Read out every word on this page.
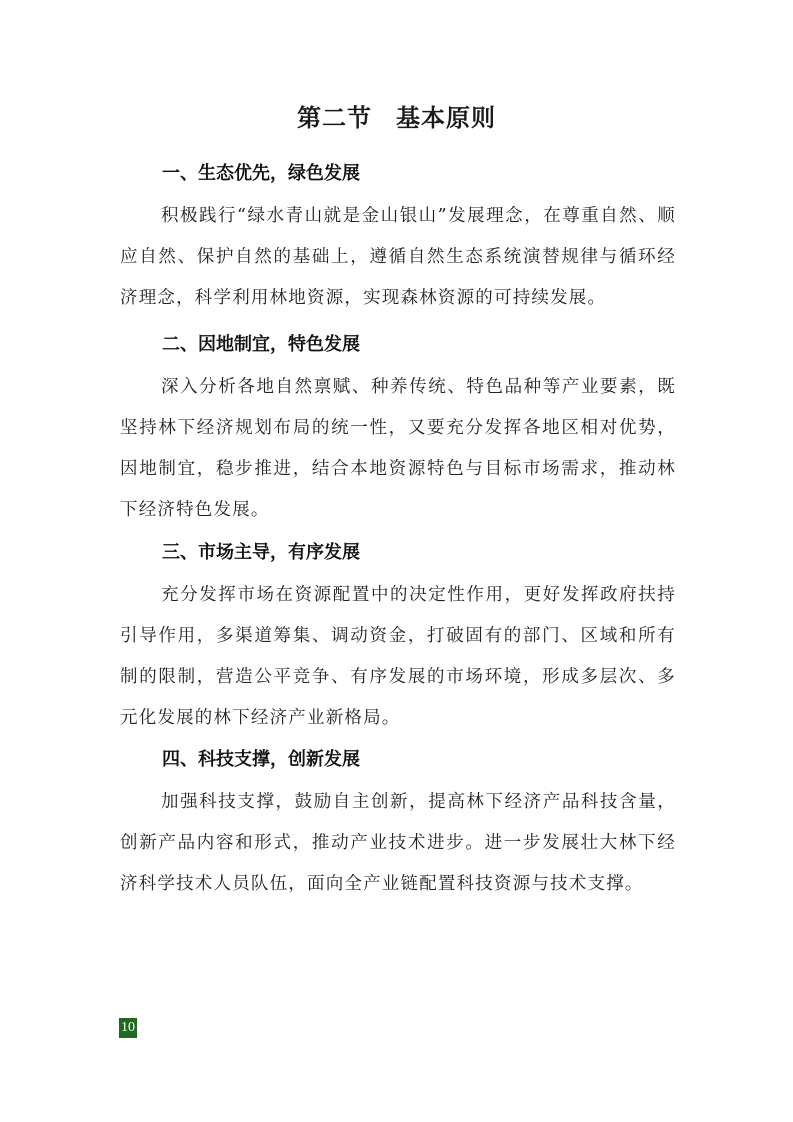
第二节 基本原则
一、生态优先，绿色发展

积极践行“绿水青山就是金山银山”发展理念，在尊重自然、顺应自然、保护自然的基础上，遵循自然生态系统演替规律与循环经济理念，科学利用林地资源，实现森林资源的可持续发展。

二、因地制宜，特色发展

深入分析各地自然禀赋、种养传统、特色品种等产业要素，既坚持林下经济规划布局的统一性，又要充分发挥各地区相对优势，因地制宜，稳步推进，结合本地资源特色与目标市场需求，推动林下经济特色发展。

三、市场主导，有序发展

充分发挥市场在资源配置中的决定性作用，更好发挥政府扶持引导作用，多渠道筹集、调动资金，打破固有的部门、区域和所有制的限制，营造公平竞争、有序发展的市场环境，形成多层次、多元化发展的林下经济产业新格局。

四、科技支撑，创新发展

加强科技支撑，鼓励自主创新，提高林下经济产品科技含量，创新产品内容和形式，推动产业技术进步。进一步发展壮大林下经济科学技术人员队伍，面向全产业链配置科技资源与技术支撑。

10
